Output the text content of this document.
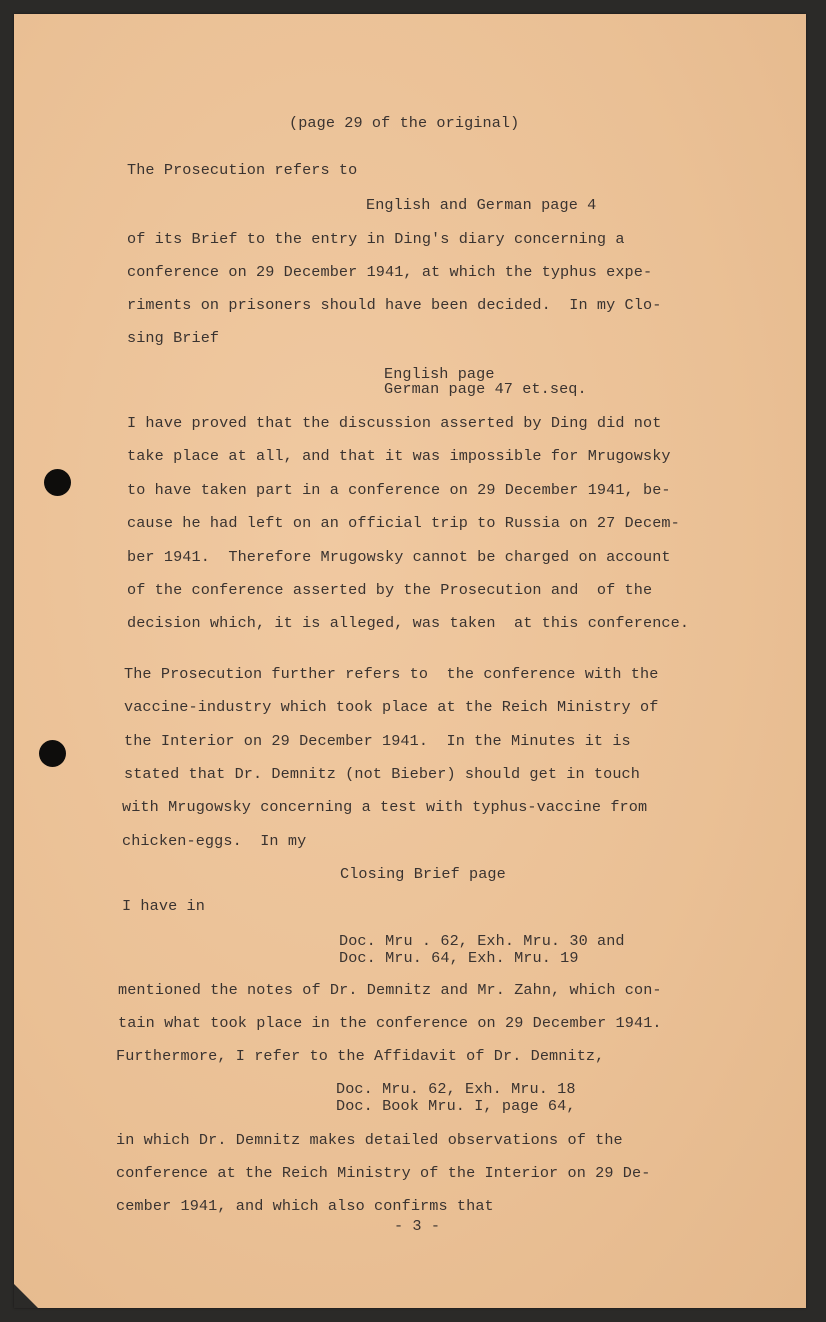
(page 29 of the original)

The Prosecution refers to

English and German page 4

of its Brief to the entry in Ding's diary concerning a

conference on 29 December 1941, at which the typhus expe-

riments on prisoners should have been decided.  In my Clo-

sing Brief

English page

German page 47 et.seq.

I have proved that the discussion asserted by Ding did not

take place at all, and that it was impossible for Mrugowsky

to have taken part in a conference on 29 December 1941, be-

cause he had left on an official trip to Russia on 27 Decem-

ber 1941.  Therefore Mrugowsky cannot be charged on account

of the conference asserted by the Prosecution and  of the

decision which, it is alleged, was taken  at this conference.

The Prosecution further refers to  the conference with the

vaccine-industry which took place at the Reich Ministry of

the Interior on 29 December 1941.  In the Minutes it is

stated that Dr. Demnitz (not Bieber) should get in touch

with Mrugowsky concerning a test with typhus-vaccine from

chicken-eggs.  In my

Closing Brief page

I have in

Doc. Mru . 62, Exh. Mru. 30 and

Doc. Mru. 64, Exh. Mru. 19

mentioned the notes of Dr. Demnitz and Mr. Zahn, which con-

tain what took place in the conference on 29 December 1941.

Furthermore, I refer to the Affidavit of Dr. Demnitz,

Doc. Mru. 62, Exh. Mru. 18

Doc. Book Mru. I, page 64,

in which Dr. Demnitz makes detailed observations of the

conference at the Reich Ministry of the Interior on 29 De-

cember 1941, and which also confirms that

- 3 -
